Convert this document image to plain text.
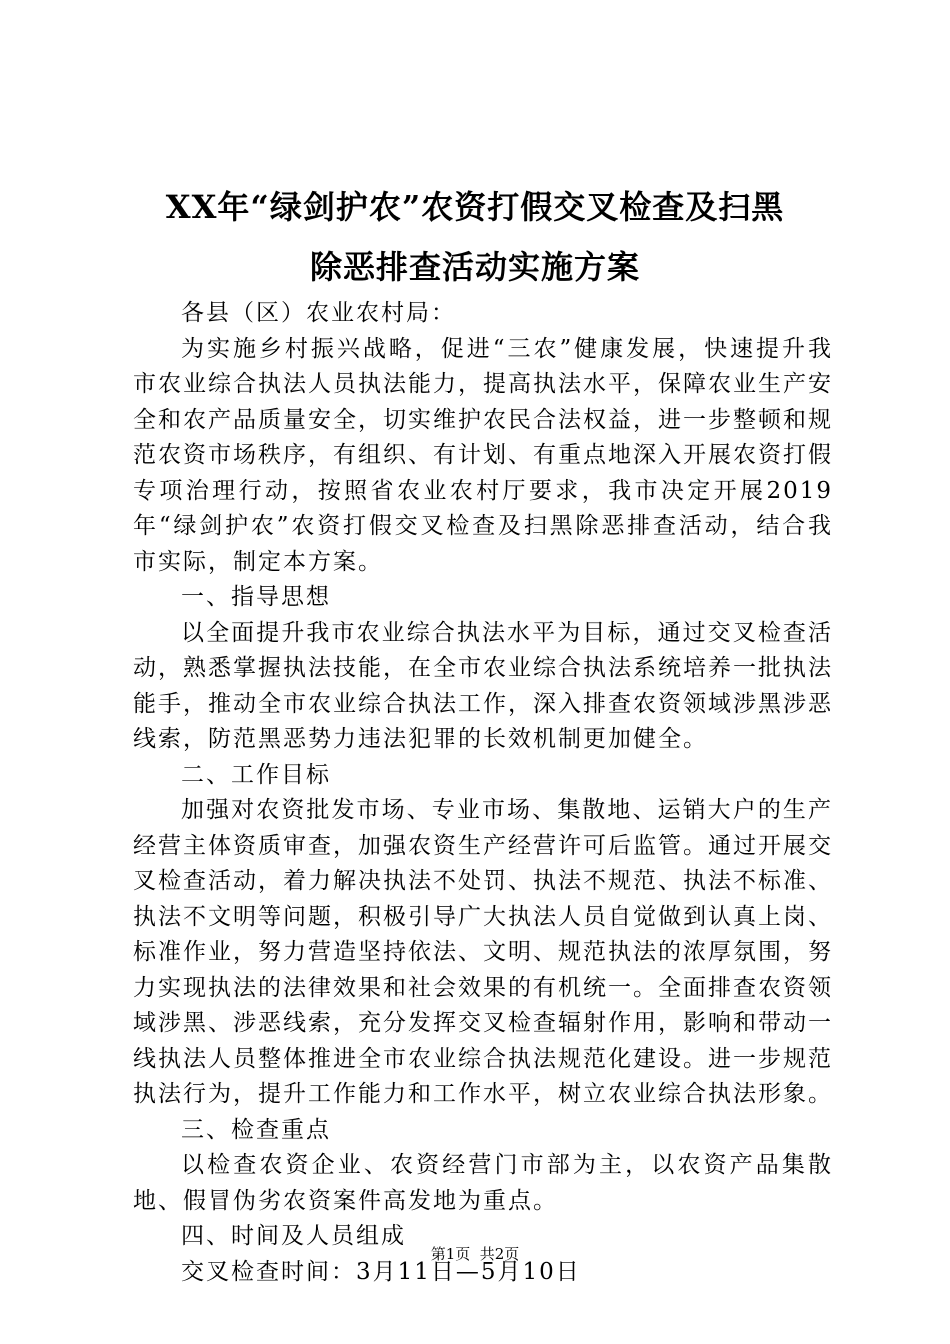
XX年“绿剑护农”农资打假交叉检查及扫黑
除恶排查活动实施方案

各县（区）农业农村局：

为实施乡村振兴战略，促进“三农”健康发展，快速提升我市农业综合执法人员执法能力，提高执法水平，保障农业生产安全和农产品质量安全，切实维护农民合法权益，进一步整顿和规范农资市场秩序，有组织、有计划、有重点地深入开展农资打假专项治理行动，按照省农业农村厅要求，我市决定开展2019年“绿剑护农”农资打假交叉检查及扫黑除恶排查活动，结合我市实际，制定本方案。

一、指导思想

以全面提升我市农业综合执法水平为目标，通过交叉检查活动，熟悉掌握执法技能，在全市农业综合执法系统培养一批执法能手，推动全市农业综合执法工作，深入排查农资领域涉黑涉恶线索，防范黑恶势力违法犯罪的长效机制更加健全。

二、工作目标

加强对农资批发市场、专业市场、集散地、运销大户的生产经营主体资质审查，加强农资生产经营许可后监管。通过开展交叉检查活动，着力解决执法不处罚、执法不规范、执法不标准、执法不文明等问题，积极引导广大执法人员自觉做到认真上岗、标准作业，努力营造坚持依法、文明、规范执法的浓厚氛围，努力实现执法的法律效果和社会效果的有机统一。全面排查农资领域涉黑、涉恶线索，充分发挥交叉检查辐射作用，影响和带动一线执法人员整体推进全市农业综合执法规范化建设。进一步规范执法行为，提升工作能力和工作水平，树立农业综合执法形象。

三、检查重点

以检查农资企业、农资经营门市部为主，以农资产品集散地、假冒伪劣农资案件高发地为重点。

四、时间及人员组成

交叉检查时间：3月11日—5月10日

第1页  共2页
